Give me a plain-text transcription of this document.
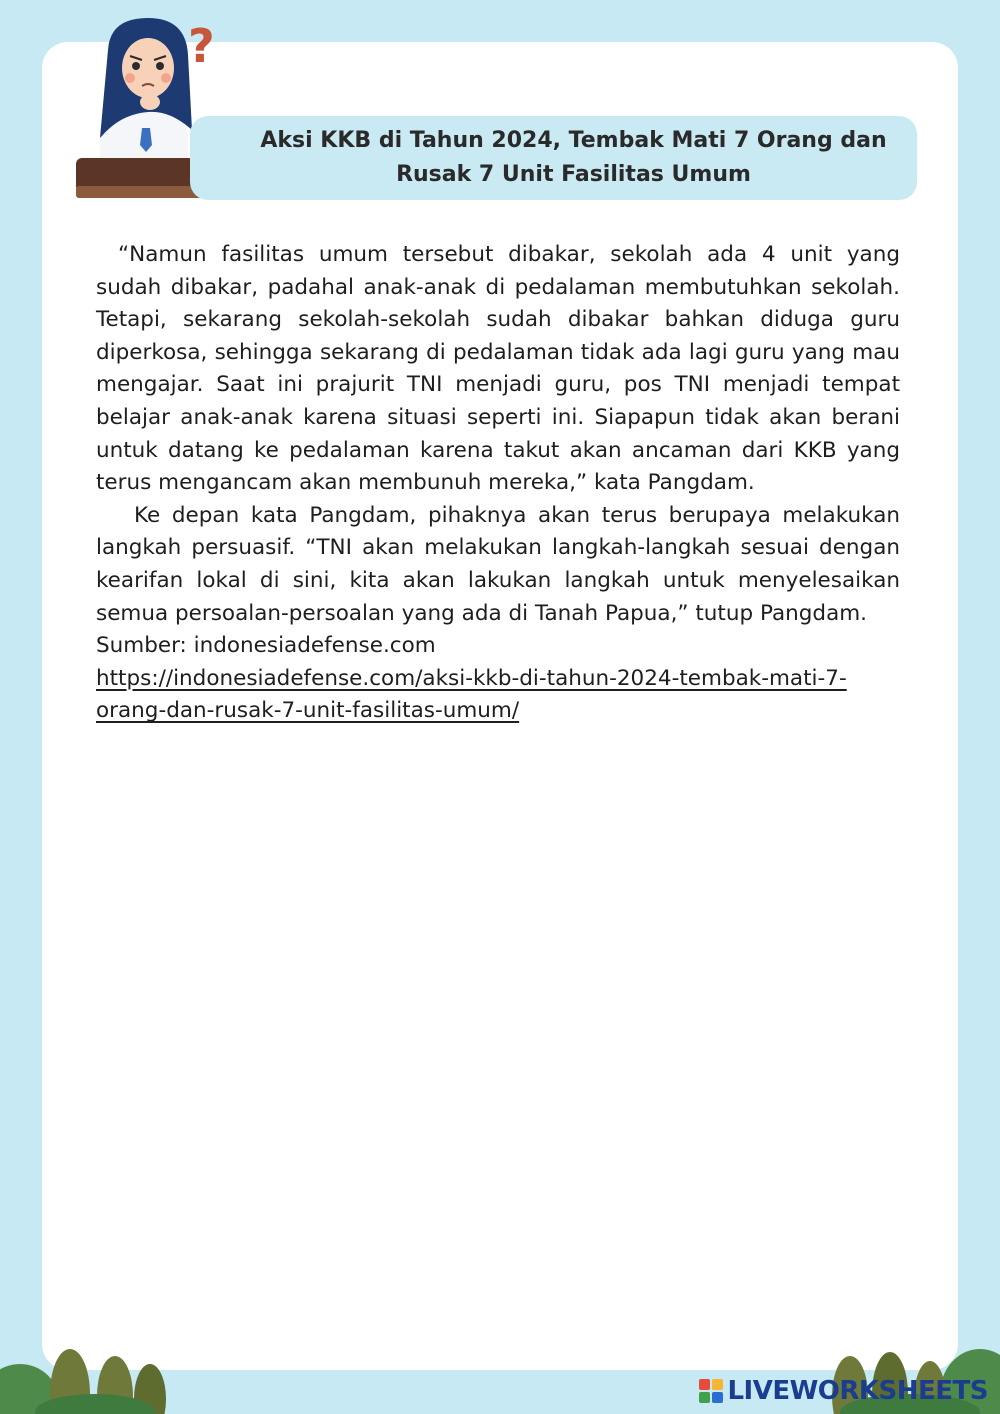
?
Aksi KKB di Tahun 2024, Tembak Mati 7 Orang dan Rusak 7 Unit Fasilitas Umum

“Namun fasilitas umum tersebut dibakar, sekolah ada 4 unit yang sudah dibakar, padahal anak-anak di pedalaman membutuhkan sekolah. Tetapi, sekarang sekolah-sekolah sudah dibakar bahkan diduga guru diperkosa, sehingga sekarang di pedalaman tidak ada lagi guru yang mau mengajar. Saat ini prajurit TNI menjadi guru, pos TNI menjadi tempat belajar anak-anak karena situasi seperti ini. Siapapun tidak akan berani untuk datang ke pedalaman karena takut akan ancaman dari KKB yang terus mengancam akan membunuh mereka,” kata Pangdam.

Ke depan kata Pangdam, pihaknya akan terus berupaya melakukan langkah persuasif. “TNI akan melakukan langkah-langkah sesuai dengan kearifan lokal di sini, kita akan lakukan langkah untuk menyelesaikan semua persoalan-persoalan yang ada di Tanah Papua,” tutup Pangdam.

Sumber: indonesiadefense.com

https://indonesiadefense.com/aksi-kkb-di-tahun-2024-tembak-mati-7-orang-dan-rusak-7-unit-fasilitas-umum/
LIVEWORKSHEETS
